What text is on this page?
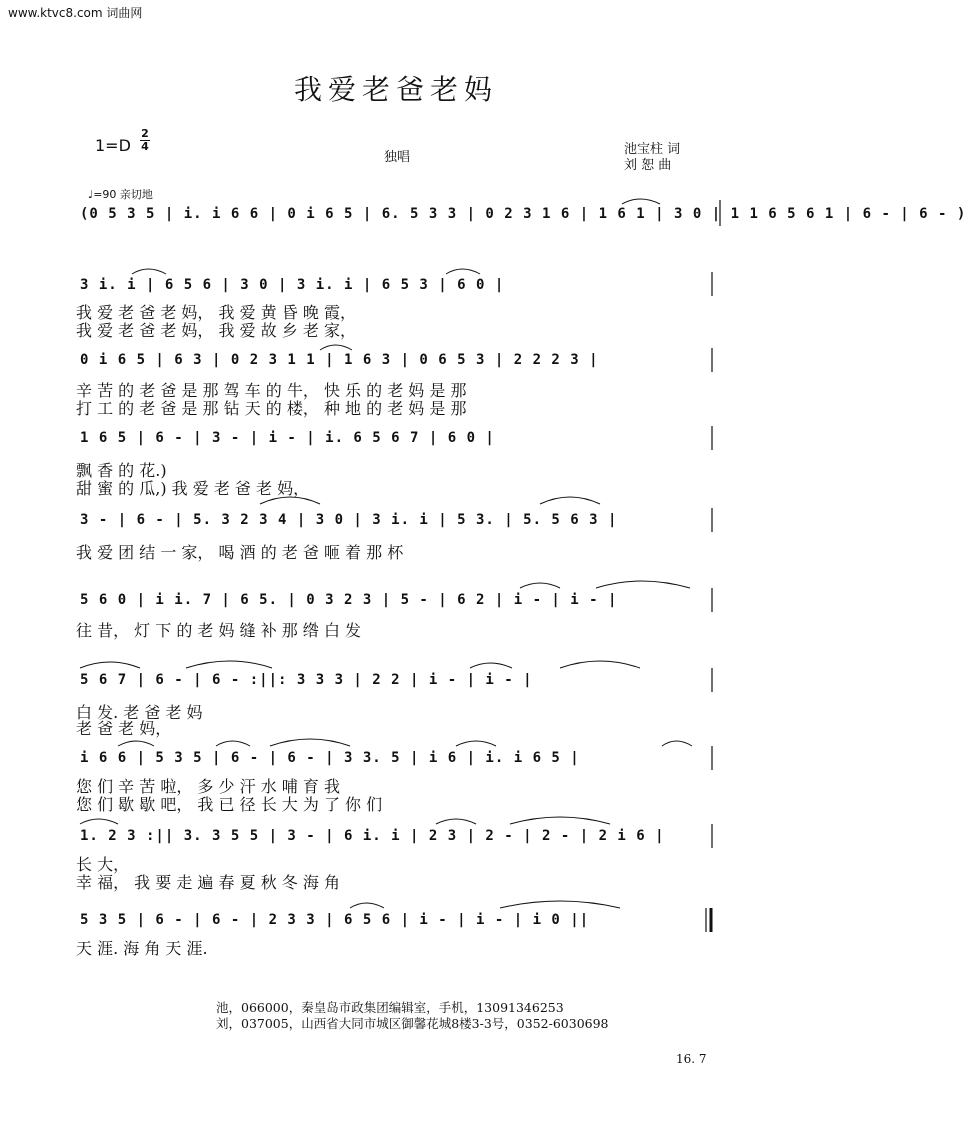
www.ktvc8.com 词曲网
我爱老爸老妈
1=D
2
4
独唱
池宝柱 词
刘 恕 曲
♩=90 亲切地
(0 5 3 5 | i. i 6 6 | 0 i 6 5 | 6. 5 3 3 | 0 2 3 1 6 | 1 6 1 | 3 0 | 1 1 6 5 6 1 | 6 - | 6 - )
3 i. i | 6 5 6 | 3 0 | 3 i. i | 6 5 3 | 6 0 |
我 爱 老 爸 老 妈， 我 爱 黄 昏 晚 霞，
我 爱 老 爸 老 妈， 我 爱 故 乡 老 家，
0 i 6 5 | 6 3 | 0 2 3 1 1 | 1 6 3 | 0 6 5 3 | 2 2 2 3 |
辛 苦 的 老 爸 是 那 驾 车 的 牛， 快 乐 的 老 妈 是 那
打 工 的 老 爸 是 那 钻 天 的 楼， 种 地 的 老 妈 是 那
1 6 5 | 6 - | 3 - | i - | i. 6 5 6 7 | 6 0 |
飘 香 的 花.)
甜 蜜 的 瓜,) 我 爱 老 爸 老 妈，
3 - | 6 - | 5. 3 2 3 4 | 3 0 | 3 i. i | 5 3. | 5. 5 6 3 |
我 爱 团 结 一 家， 喝 酒 的 老 爸 咂 着 那 杯
5 6 0 | i i. 7 | 6 5. | 0 3 2 3 | 5 - | 6 2 | i - | i - |
往 昔， 灯 下 的 老 妈 缝 补 那 绺 白 发
5 6 7 | 6 - | 6 - :||: 3 3 3 | 2 2 | i - | i - |
白 发. 老 爸 老 妈
老 爸 老 妈，
i 6 6 | 5 3 5 | 6 - | 6 - | 3 3. 5 | i 6 | i. i 6 5 |
您 们 辛 苦 啦， 多 少 汗 水 哺 育 我
您 们 歇 歇 吧， 我 已 径 长 大 为 了 你 们
1. 2 3 :|| 3. 3 5 5 | 3 - | 6 i. i | 2 3 | 2 - | 2 - | 2 i 6 |
长 大，
幸 福， 我 要 走 遍 春 夏 秋 冬 海 角
5 3 5 | 6 - | 6 - | 2 3 3 | 6 5 6 | i - | i - | i 0 ||
天 涯. 海 角 天 涯.
池，066000，秦皇岛市政集团编辑室，手机，13091346253
刘，037005，山西省大同市城区御馨花城8楼3-3号，0352-6030698
16. 7
